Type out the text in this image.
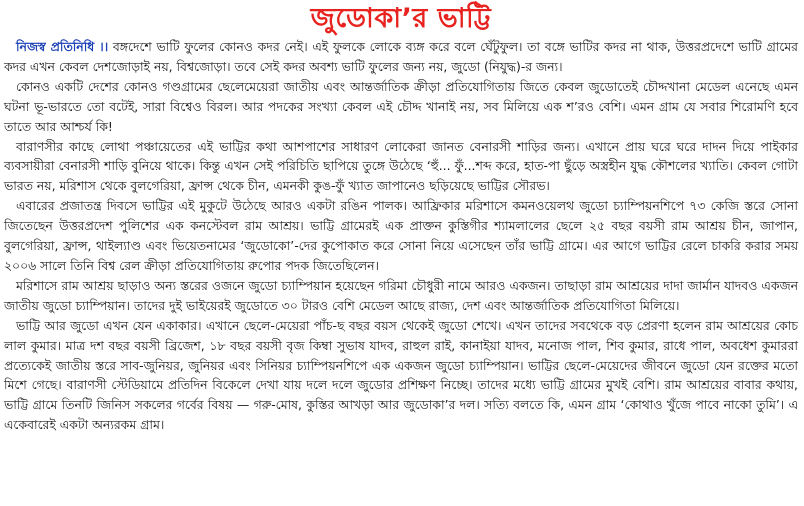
জুডোকা’র ভাট্টি

নিজস্ব প্রতিনিধি ।। বঙ্গদেশে ভাটি ফুলের কোনও কদর নেই। এই ফুলকে লোকে ব্যঙ্গ করে বলে ঘেঁটুফুল। তা বঙ্গে ভাটির কদর না থাক, উত্তরপ্রদেশে ভাটি গ্রামের কদর এখন কেবল দেশজোড়াই নয়, বিশ্বজোড়া। তবে সেই কদর অবশ্য ভাটি ফুলের জন্য নয়, জুডো (নিযুদ্ধ)-র জন্য।

কোনও একটি দেশের কোনও গণ্ডগ্রামের ছেলেমেয়েরা জাতীয় এবং আন্তর্জাতিক ক্রীড়া প্রতিযোগিতায় জিতে কেবল জুডোতেই চৌদ্দখানা মেডেল এনেছে এমন ঘটনা ভূ-ভারতে তো বটেই, সারা বিশ্বেও বিরল। আর পদকের সংখ্যা কেবল এই চৌদ্দ খানাই নয়, সব মিলিয়ে এক শ’রও বেশি। এমন গ্রাম যে সবার শিরোমণি হবে তাতে আর আশ্চর্য কি!

বারাণসীর কাছে লোথা পঞ্চায়েতের এই ভাট্টির কথা আশপাশের সাধারণ লোকেরা জানত বেনারসী শাড়ির জন্য। এখানে প্রায় ঘরে ঘরে দাদন দিয়ে পাইকার ব্যবসায়ীরা বেনারসী শাড়ি বুনিয়ে থাকে। কিন্তু এখন সেই পরিচিতি ছাপিয়ে তুঙ্গে উঠেছে ‘হুঁ... ফুঁ...শব্দ করে, হাত-পা ছুঁড়ে অস্ত্রহীন যুদ্ধ কৌশলের খ্যাতি। কেবল গোটা ভারত নয়, মরিশাস থেকে বুলগেরিয়া, ফ্রান্স থেকে চীন, এমনকী কুঙ-ফুঁ খ্যাত জাপানেও ছড়িয়েছে ভাট্টির সৌরভ।

এবারের প্রজাতন্ত্র দিবসে ভাট্টির এই মুকুটে উঠেছে আরও একটা রঙিন পালক। আফ্রিকার মরিশাসে কমনওয়েলথ জুডো চ্যাম্পিয়নশিপে ৭৩ কেজি স্তরে সোনা জিতেছেন উত্তরপ্রদেশ পুলিশের এক কনস্টেবল রাম আশ্রয়। ভাট্টি গ্রামেরই এক প্রাক্তন কুস্তিগীর শ্যামলালের ছেলে ২৫ বছর বয়সী রাম আশ্রয় চীন, জাপান, বুলগেরিয়া, ফ্রান্স, থাইল্যাণ্ড এবং ভিয়েতনামের ‘জুডোকো’-দের কুপোকাত করে সোনা নিয়ে এসেছেন তাঁর ভাট্টি গ্রামে। এর আগে ভাট্টির রেলে চাকরি করার সময় ২০০৬ সালে তিনি বিশ্ব রেল ক্রীড়া প্রতিযোগিতায় রুপোর পদক জিতেছিলেন।

মরিশাসে রাম আশ্রয় ছাড়াও অন্য স্তরের ওজনে জুডো চ্যাম্পিয়ান হয়েছেন গরিমা চৌধুরী নামে আরও একজন। তাছাড়া রাম আশ্রয়ের দাদা জার্মান যাদবও একজন জাতীয় জুডো চ্যাম্পিয়ান। তাদের দুই ভাইয়েরই জুডোতে ৩০ টারও বেশি মেডেল আছে রাজ্য, দেশ এবং আন্তর্জাতিক প্রতিযোগিতা মিলিয়ে।

ভাট্টি আর জুডো এখন যেন একাকার। এখানে ছেলে-মেয়েরা পাঁচ-ছ বছর বয়স থেকেই জুডো শেখে। এখন তাদের সবথেকে বড় প্রেরণা হলেন রাম আশ্রয়ের কোচ লাল কুমার। মাত্র দশ বছর বয়সী ব্রিজেশ, ১৮ বছর বয়সী বৃজ কিম্বা সুভাষ যাদব, রাহুল রাই, কানাইয়া যাদব, মনোজ পাল, শিব কুমার, রাধে পাল, অবধেশ কুমাররা প্রত্যেকেই জাতীয় স্তরে সাব-জুনিয়র, জুনিয়র এবং সিনিয়র চ্যাম্পিয়নশিপে এক একজন জুডো চ্যাম্পিয়ান। ভাট্টির ছেলে-মেয়েদের জীবনে জুডো যেন রক্তের মতো মিশে গেছে। বারাণসী স্টেডিয়ামে প্রতিদিন বিকেলে দেখা যায় দলে দলে জুডোর প্রশিক্ষণ নিচ্ছে। তাদের মধ্যে ভাট্টি গ্রামের মুখই বেশি। রাম আশ্রয়ের বাবার কথায়, ভাট্টি গ্রামে তিনটি জিনিস সকলের গর্বের বিষয় — গরু-মোষ, কুস্তির আখড়া আর জুডোকা’র দল। সত্যি বলতে কি, এমন গ্রাম ‘কোথাও খুঁজে পাবে নাকো তুমি’। এ একেবারেই একটা অন্যরকম গ্রাম।
